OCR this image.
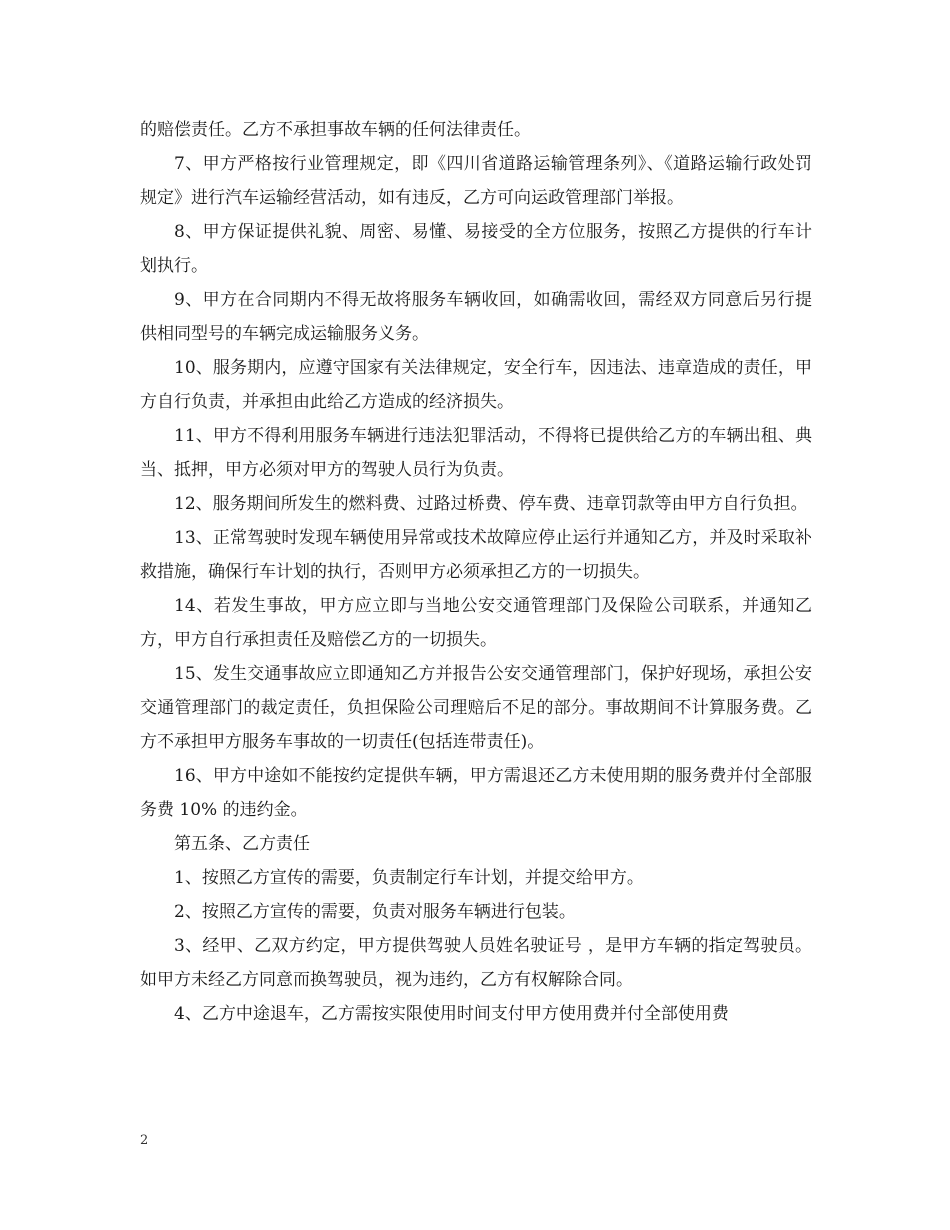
的赔偿责任。乙方不承担事故车辆的任何法律责任。

7、甲方严格按行业管理规定，即《四川省道路运输管理条列》、《道路运输行政处罚规定》进行汽车运输经营活动，如有违反，乙方可向运政管理部门举报。

8、甲方保证提供礼貌、周密、易懂、易接受的全方位服务，按照乙方提供的行车计划执行。

9、甲方在合同期内不得无故将服务车辆收回，如确需收回，需经双方同意后另行提供相同型号的车辆完成运输服务义务。

10、服务期内，应遵守国家有关法律规定，安全行车，因违法、违章造成的责任，甲方自行负责，并承担由此给乙方造成的经济损失。

11、甲方不得利用服务车辆进行违法犯罪活动，不得将已提供给乙方的车辆出租、典当、抵押，甲方必须对甲方的驾驶人员行为负责。

12、服务期间所发生的燃料费、过路过桥费、停车费、违章罚款等由甲方自行负担。

13、正常驾驶时发现车辆使用异常或技术故障应停止运行并通知乙方，并及时采取补救措施，确保行车计划的执行，否则甲方必须承担乙方的一切损失。

14、若发生事故，甲方应立即与当地公安交通管理部门及保险公司联系，并通知乙方，甲方自行承担责任及赔偿乙方的一切损失。

15、发生交通事故应立即通知乙方并报告公安交通管理部门，保护好现场，承担公安交通管理部门的裁定责任，负担保险公司理赔后不足的部分。事故期间不计算服务费。乙方不承担甲方服务车事故的一切责任(包括连带责任)。

16、甲方中途如不能按约定提供车辆，甲方需退还乙方未使用期的服务费并付全部服务费 10% 的违约金。

第五条、乙方责任

1、按照乙方宣传的需要，负责制定行车计划，并提交给甲方。

2、按照乙方宣传的需要，负责对服务车辆进行包装。

3、经甲、乙双方约定，甲方提供驾驶人员姓名驶证号 ，是甲方车辆的指定驾驶员。如甲方未经乙方同意而换驾驶员，视为违约，乙方有权解除合同。

4、乙方中途退车，乙方需按实限使用时间支付甲方使用费并付全部使用费

2
